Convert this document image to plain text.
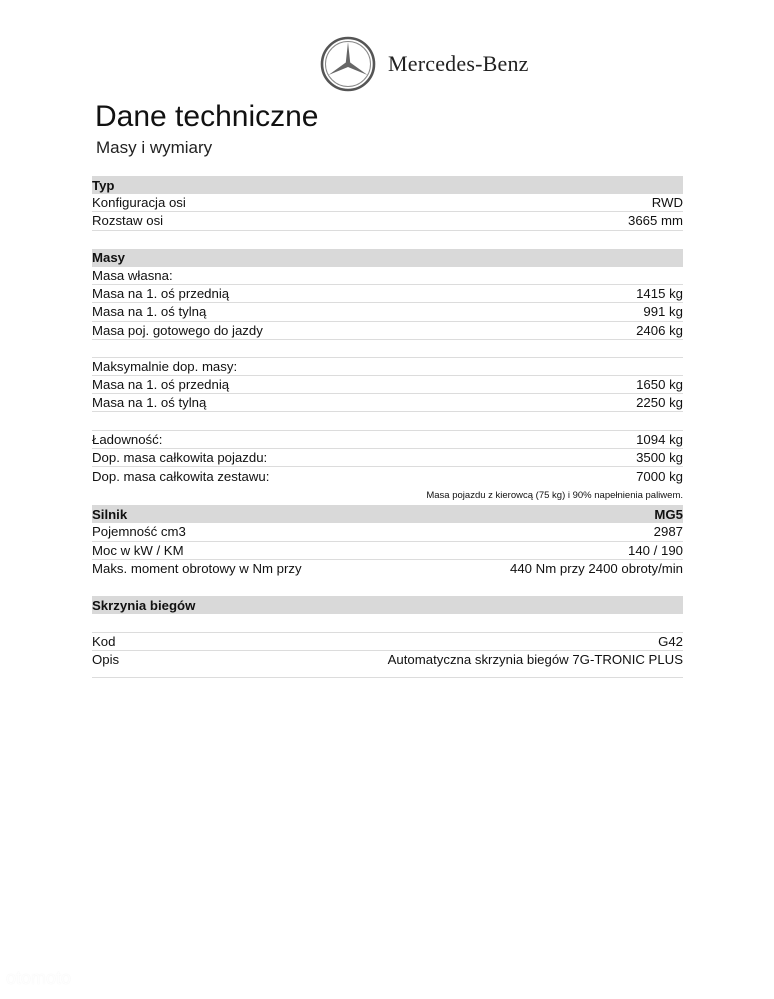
Mercedes-Benz
Dane techniczne
Masy i wymiary
Typ
Konfiguracja osi	RWD
Rozstaw osi	3665 mm
Masy
Masa własna:
Masa na 1. oś przednią	1415 kg
Masa na 1. oś tylną	991 kg
Masa poj. gotowego do jazdy	2406 kg
Maksymalnie dop. masy:
Masa na 1. oś przednią	1650 kg
Masa na 1. oś tylną	2250 kg
Ładowność:	1094 kg
Dop. masa całkowita pojazdu:	3500 kg
Dop. masa całkowita zestawu:	7000 kg
Masa pojazdu z kierowcą (75 kg) i 90% napełnienia paliwem.
Silnik	MG5
Pojemność cm3	2987
Moc w kW / KM	140 / 190
Maks. moment obrotowy w Nm przy	440 Nm przy 2400 obroty/min
Skrzynia biegów
Kod	G42
Opis	Automatyczna skrzynia biegów 7G-TRONIC PLUS
otomoto
